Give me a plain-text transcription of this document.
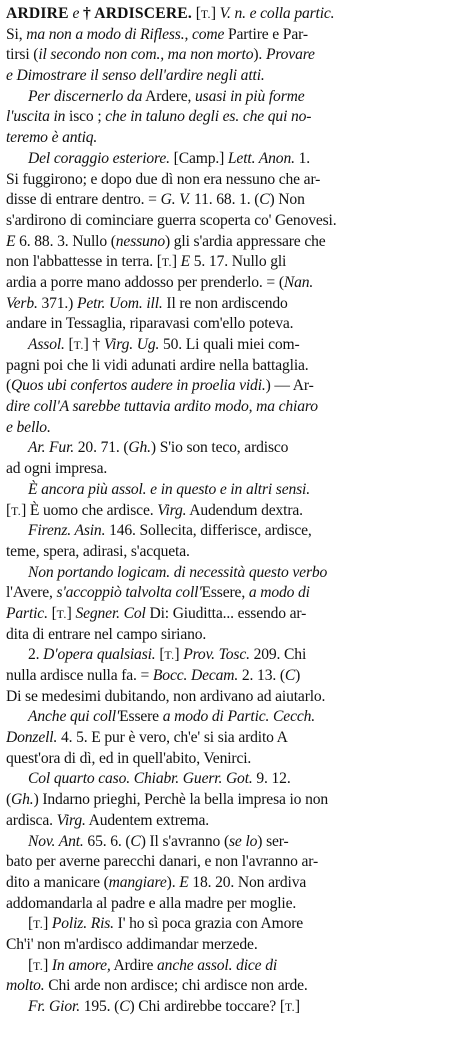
ARDIRE e † ARDISCERE. [T.] V. n. e colla partic.
Si, ma non a modo di Rifless., come Partire e Par-
tirsi (il secondo non com., ma non morto). Provare
e Dimostrare il senso dell'ardire negli atti.
Per discernerlo da Ardere, usasi in più forme
l'uscita in isco ; che in taluno degli es. che qui no-
teremo è antiq.
Del coraggio esteriore. [Camp.] Lett. Anon. 1.
Si fuggirono; e dopo due dì non era nessuno che ar-
disse di entrare dentro. = G. V. 11. 68. 1. (C) Non
s'ardirono di cominciare guerra scoperta co' Genovesi.
E 6. 88. 3. Nullo (nessuno) gli s'ardia appressare che
non l'abbattesse in terra. [T.] E 5. 17. Nullo gli
ardia a porre mano addosso per prenderlo. = (Nan.
Verb. 371.) Petr. Uom. ill. Il re non ardiscendo
andare in Tessaglia, riparavasi com'ello poteva.
Assol. [T.] † Virg. Ug. 50. Li quali miei com-
pagni poi che li vidi adunati ardire nella battaglia.
(Quos ubi confertos audere in proelia vidi.) — Ar-
dire coll'A sarebbe tuttavia ardito modo, ma chiaro
e bello.
Ar. Fur. 20. 71. (Gh.) S'io son teco, ardisco
ad ogni impresa.
È ancora più assol. e in questo e in altri sensi.
[T.] È uomo che ardisce. Virg. Audendum dextra.
Firenz. Asin. 146. Sollecita, differisce, ardisce,
teme, spera, adirasi, s'acqueta.
Non portando logicam. di necessità questo verbo
l'Avere, s'accoppiò talvolta coll'Essere, a modo di
Partic. [T.] Segner. Col Di: Giuditta... essendo ar-
dita di entrare nel campo siriano.
2. D'opera qualsiasi. [T.] Prov. Tosc. 209. Chi
nulla ardisce nulla fa. = Bocc. Decam. 2. 13. (C)
Di se medesimi dubitando, non ardivano ad aiutarlo.
Anche qui coll'Essere a modo di Partic. Cecch.
Donzell. 4. 5. E pur è vero, ch'e' si sia ardito A
quest'ora di dì, ed in quell'abito, Venirci.
Col quarto caso. Chiabr. Guerr. Got. 9. 12.
(Gh.) Indarno prieghi, Perchè la bella impresa io non
ardisca. Virg. Audentem extrema.
Nov. Ant. 65. 6. (C) Il s'avranno (se lo) ser-
bato per averne parecchi danari, e non l'avranno ar-
dito a manicare (mangiare). E 18. 20. Non ardiva
addomandarla al padre e alla madre per moglie.
[T.] Poliz. Ris. I' ho sì poca grazia con Amore
Ch'i' non m'ardisco addimandar merzede.
[T.] In amore, Ardire anche assol. dice di
molto. Chi arde non ardisce; chi ardisce non arde.
Fr. Gior. 195. (C) Chi ardirebbe toccare? [T.]
